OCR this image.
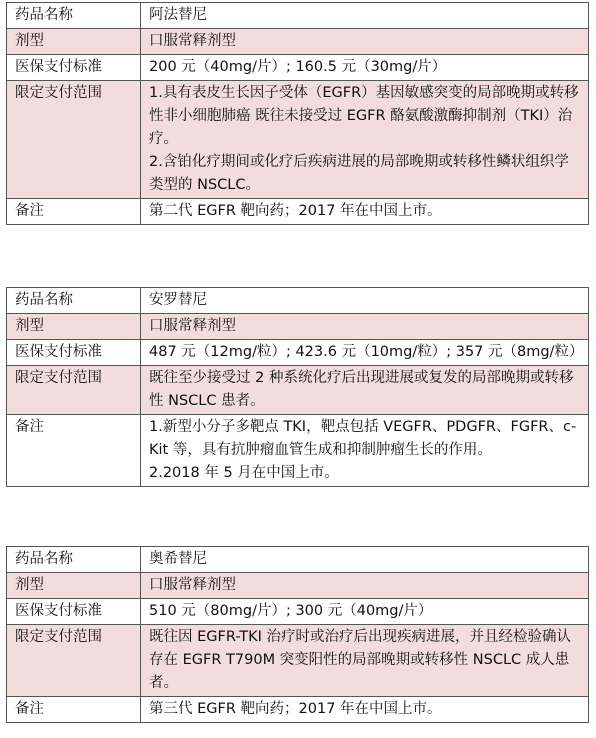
药品名称	阿法替尼

剂型	口服常释剂型

医保支付标准	200 元（40mg/片）; 160.5 元（30mg/片）

限定支付范围	1.具有表皮生长因子受体（EGFR）基因敏感突变的局部晚期或转移性非小细胞肺癌 既往未接受过 EGFR 酪氨酸激酶抑制剂（TKI）治疗。
2.含铂化疗期间或化疗后疾病进展的局部晚期或转移性鳞状组织学类型的 NSCLC。

备注	第二代 EGFR 靶向药；2017 年在中国上市。
药品名称	安罗替尼

剂型	口服常释剂型

医保支付标准	487 元（12mg/粒）; 423.6 元（10mg/粒）; 357 元（8mg/粒）

限定支付范围	既往至少接受过 2 种系统化疗后出现进展或复发的局部晚期或转移性 NSCLC 患者。

备注	1.新型小分子多靶点 TKI，靶点包括 VEGFR、PDGFR、FGFR、c-Kit 等，具有抗肿瘤血管生成和抑制肿瘤生长的作用。
2.2018 年 5 月在中国上市。
药品名称	奥希替尼

剂型	口服常释剂型

医保支付标准	510 元（80mg/片）; 300 元（40mg/片）

限定支付范围	既往因 EGFR-TKI 治疗时或治疗后出现疾病进展，并且经检验确认存在 EGFR T790M 突变阳性的局部晚期或转移性 NSCLC 成人患者。

备注	第三代 EGFR 靶向药；2017 年在中国上市。
